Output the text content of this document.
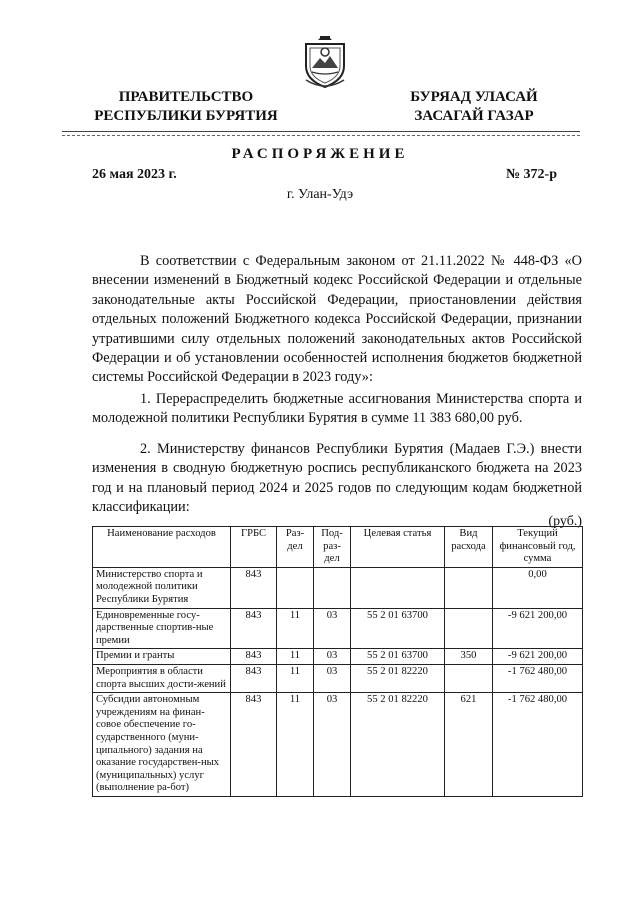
ПРАВИТЕЛЬСТВО
РЕСПУБЛИКИ БУРЯТИЯ
БУРЯАД УЛАСАЙ
ЗАСАГАЙ ГАЗАР
РАСПОРЯЖЕНИЕ
26 мая 2023 г.	№ 372-р
г. Улан-Удэ

В соответствии с Федеральным законом от 21.11.2022 № 448-ФЗ «О внесении изменений в Бюджетный кодекс Российской Федерации и отдельные законодательные акты Российской Федерации, приостановлении действия отдельных положений Бюджетного кодекса Российской Федерации, признании утратившими силу отдельных положений законодательных актов Российской Федерации и об установлении особенностей исполнения бюджетов бюджетной системы Российской Федерации в 2023 году»:

1. Перераспределить бюджетные ассигнования Министерства спорта и молодежной политики Республики Бурятия в сумме 11 383 680,00 руб.

2. Министерству финансов Республики Бурятия (Мадаев Г.Э.) внести изменения в сводную бюджетную роспись республиканского бюджета на 2023 год и на плановый период 2024 и 2025 годов по следующим кодам бюджетной классификации:

(руб.)
Наименование расходов	ГРБС	Раз-дел	Под-раз-дел	Целевая статья	Вид расхода	Текущий финансовый год, сумма
Министерство спорта и молодежной политики Республики Бурятия	843					0,00
Единовременные госу-дарственные спортив-ные премии	843	11	03	55 2 01 63700		-9 621 200,00
Премии и гранты	843	11	03	55 2 01 63700	350	-9 621 200,00
Мероприятия в области спорта высших дости-жений	843	11	03	55 2 01 82220		-1 762 480,00
Субсидии автономным учреждениям на финан-совое обеспечение го-сударственного (муни-ципального) задания на оказание государствен-ных (муниципальных) услуг (выполнение ра-бот)	843	11	03	55 2 01 82220	621	-1 762 480,00
